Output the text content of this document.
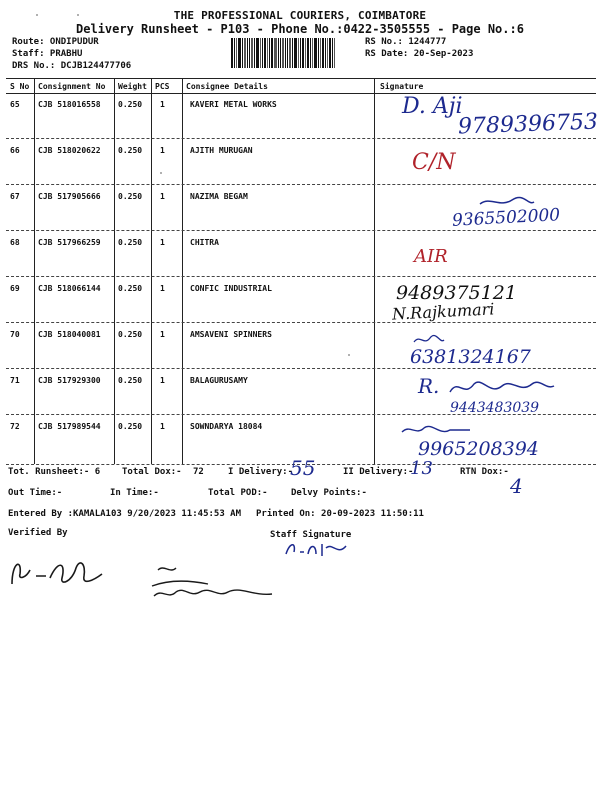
THE PROFESSIONAL COURIERS, COIMBATORE
Delivery Runsheet - P103 - Phone No.:0422-3505555 - Page No.:6
Route: ONDIPUDUR
Staff: PRABHU
DRS No.: DCJB124477706
RS No.: 1244777
RS Date: 20-Sep-2023
S No Consignment No Weight PCS Consignee Details	Signature
65 CJB 518016558 0.250 1	KAVERI METAL WORKS	D. Aji
9789396753
66 CJB 518020622 0.250 1	AJITH MURUGAN	C/N
67 CJB 517905666 0.250 1	NAZIMA BEGAM
9365502000
68 CJB 517966259 0.250 1	CHITRA
AIR
69 CJB 518066144 0.250 1	CONFIC INDUSTRIAL	9489375121
N.Rajkumari
70 CJB 518040081 0.250 1	AMSAVENI SPINNERS
6381324167
71 CJB 517929300 0.250 1	BALAGURUSAMY	R.
9443483039
72 CJB 517989544 0.250 1	SOWNDARYA 18084
9965208394
Tot. Runsheet:- 6 Total Dox:- 72	I Delivery:-
55	II Delivery:-
13	RTN Dox:-
4
Out Time:-	In Time:-	Total POD:-	Delvy Points:-
Entered By :KAMALA103 9/20/2023 11:45:53 AM Printed On: 20-09-2023 11:50:11
Verified By	Staff Signature
